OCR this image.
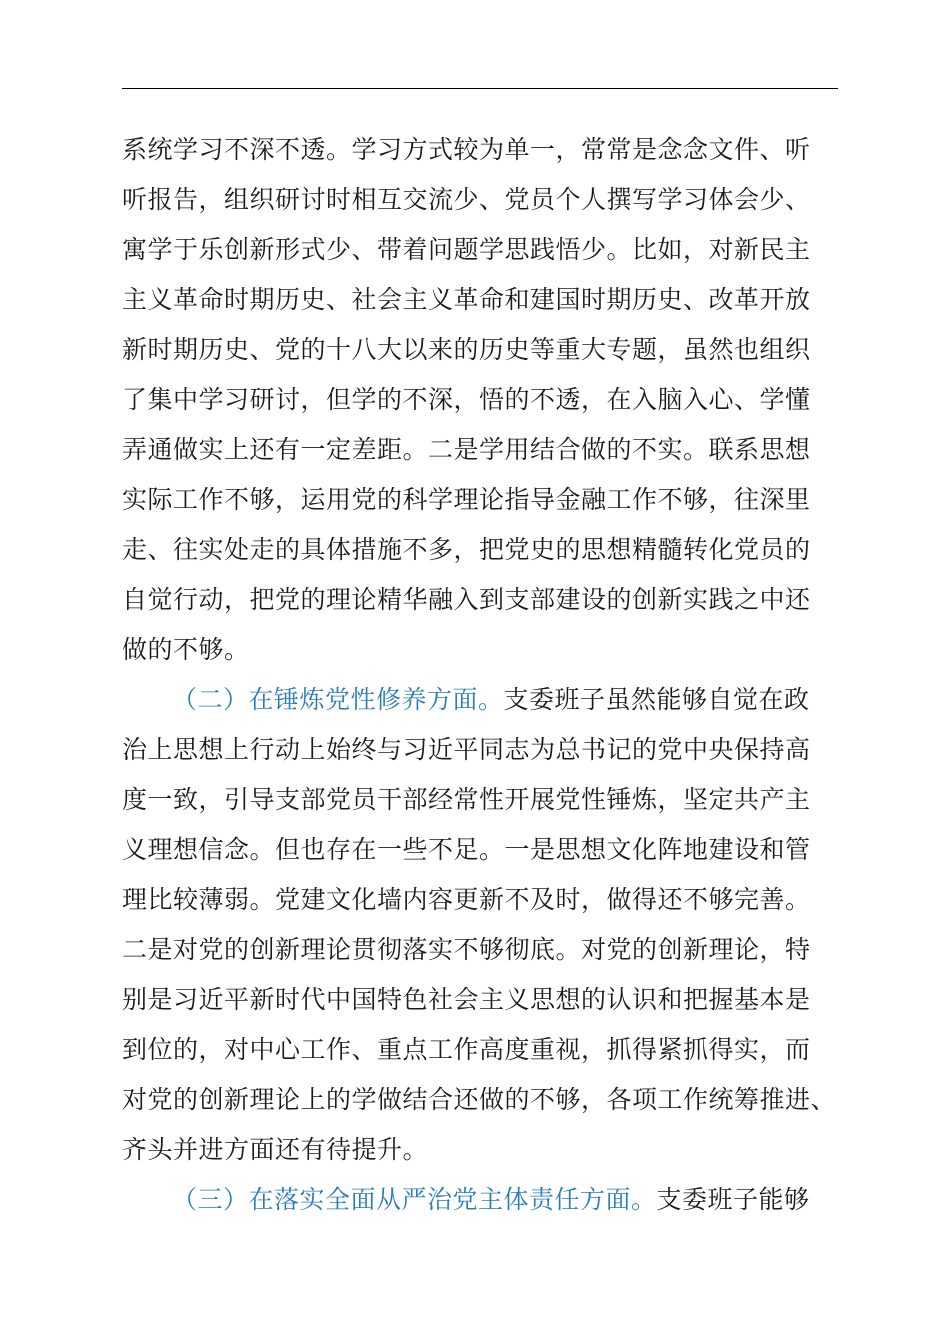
系统学习不深不透。学习方式较为单一，常常是念念文件、听
听报告，组织研讨时相互交流少、党员个人撰写学习体会少、
寓学于乐创新形式少、带着问题学思践悟少。比如，对新民主
主义革命时期历史、社会主义革命和建国时期历史、改革开放
新时期历史、党的十八大以来的历史等重大专题，虽然也组织
了集中学习研讨，但学的不深，悟的不透，在入脑入心、学懂
弄通做实上还有一定差距。二是学用结合做的不实。联系思想
实际工作不够，运用党的科学理论指导金融工作不够，往深里
走、往实处走的具体措施不多，把党史的思想精髓转化党员的
自觉行动，把党的理论精华融入到支部建设的创新实践之中还
做的不够。
（二）在锤炼党性修养方面。支委班子虽然能够自觉在政
治上思想上行动上始终与习近平同志为总书记的党中央保持高
度一致，引导支部党员干部经常性开展党性锤炼，坚定共产主
义理想信念。但也存在一些不足。一是思想文化阵地建设和管
理比较薄弱。党建文化墙内容更新不及时，做得还不够完善。
二是对党的创新理论贯彻落实不够彻底。对党的创新理论，特
别是习近平新时代中国特色社会主义思想的认识和把握基本是
到位的，对中心工作、重点工作高度重视，抓得紧抓得实，而
对党的创新理论上的学做结合还做的不够，各项工作统筹推进、
齐头并进方面还有待提升。
（三）在落实全面从严治党主体责任方面。支委班子能够
